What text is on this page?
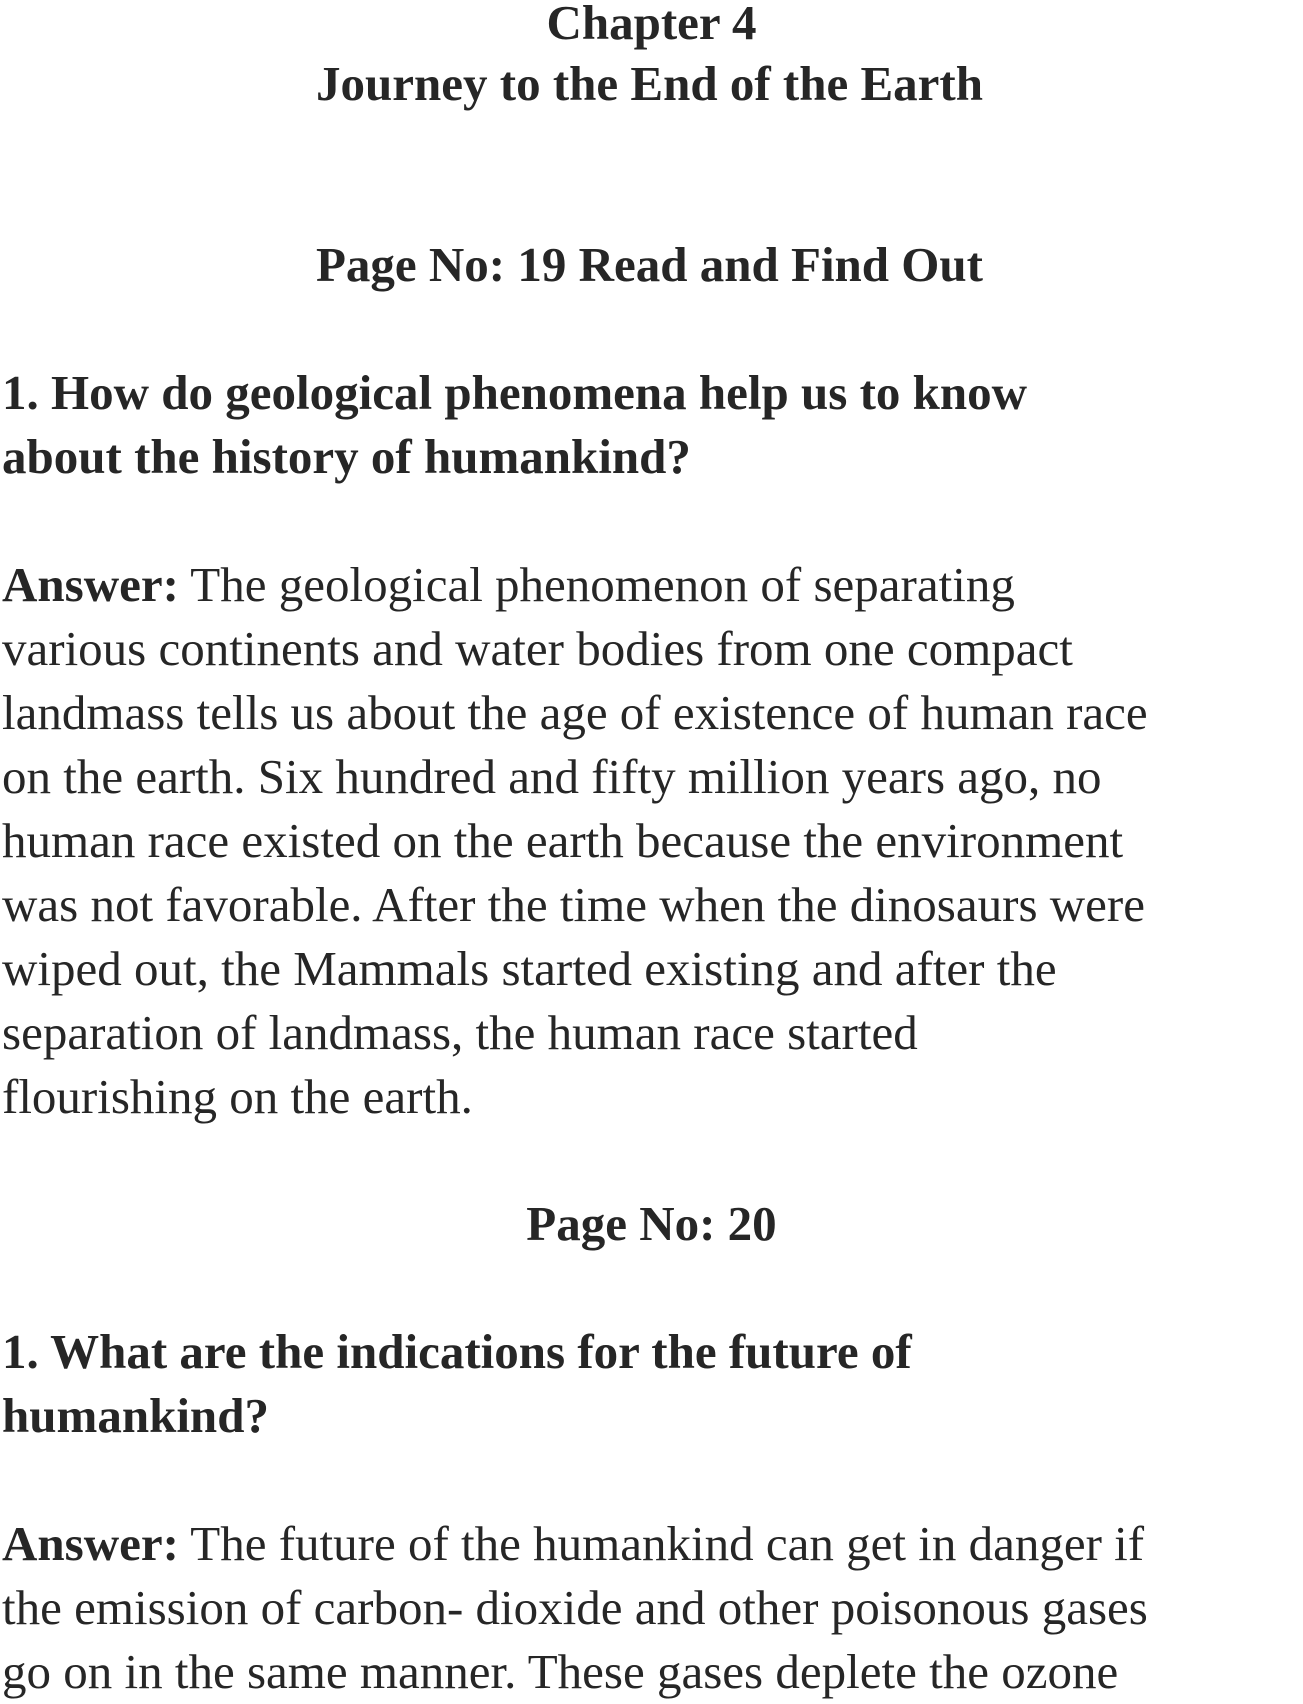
Chapter 4
Journey to the End of the Earth
Page No: 19 Read and Find Out
1. How do geological phenomena help us to know
about the history of humankind?
Answer: The geological phenomenon of separating
various continents and water bodies from one compact
landmass tells us about the age of existence of human race
on the earth. Six hundred and fifty million years ago, no
human race existed on the earth because the environment
was not favorable. After the time when the dinosaurs were
wiped out, the Mammals started existing and after the
separation of landmass, the human race started
flourishing on the earth.
Page No: 20
1. What are the indications for the future of
humankind?
Answer: The future of the humankind can get in danger if
the emission of carbon- dioxide and other poisonous gases
go on in the same manner. These gases deplete the ozone
